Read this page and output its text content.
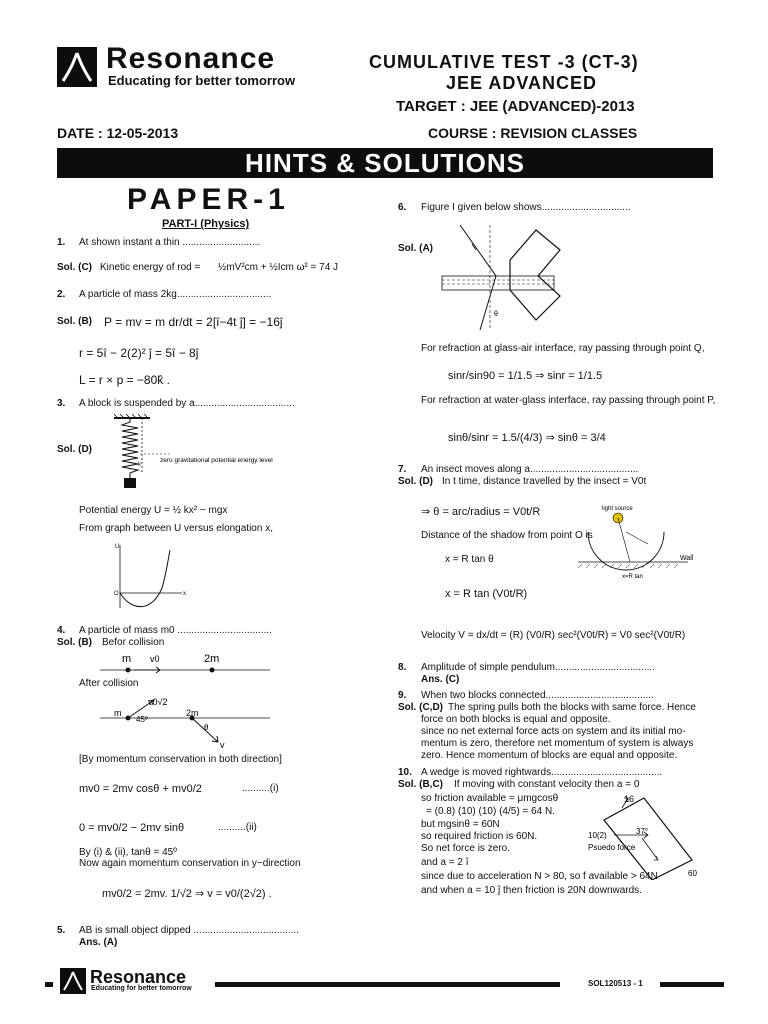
Resonance
Educating for better tomorrow
CUMULATIVE TEST -3 (CT-3)
JEE ADVANCED
TARGET : JEE (ADVANCED)-2013
DATE : 12-05-2013	COURSE : REVISION CLASSES
HINTS & SOLUTIONS
PAPER-1
PART-I (Physics)
1. At shown instant a thin ............................
Sol. (C) Kinetic energy of rod = ½mV²cm + ½Icm ω² = 74 J
2. A particle of mass 2kg..................................
Sol. (B) P = mv = m dr/dt = 2[î−4t ĵ] = −16ĵ
r = 5î − 2(2)² ĵ = 5î − 8ĵ
L = r × p = −80k̂ .
3. A block is suspended by a....................................
Sol. (D)
k
zero gravitational potential energy level
Potential energy U = ½ kx² − mgx
From graph between U versus elongation x,
U
O	x
4. A particle of mass m0 ..................................
Sol. (B) Befor collision
m v0	2m
After collision
v0√2
m
45º
2m
θ
v
[By momentum conservation in both direction]
mv0 = 2mv cosθ + mv0/2	..........(i)
0 = mv0/2 − 2mv sinθ	..........(ii)
By (i) & (ii), tanθ = 45º
Now again momentum conservation in y−direction
mv0/2 = 2mv. 1/√2 ⇒ v = v0/(2√2) .
5. AB is small object dipped ......................................
Ans. (A)
6. Figure I given below shows................................
Sol. (A)
θ
For refraction at glass-air interface, ray passing through point Q,
sinr/sin90 = 1/1.5 ⇒ sinr = 1/1.5
For refraction at water-glass interface, ray passing through point P,
sinθ/sinr = 1.5/(4/3) ⇒ sinθ = 3/4
7. An insect moves along a.......................................
Sol. (D) In t time, distance travelled by the insect = V0t
⇒ θ = arc/radius = V0t/R
Distance of the shadow from point O is
x = R tan θ
x = R tan (V0t/R)
light source
Wall
x=R tan
Velocity V = dx/dt = (R) (V0/R) sec²(V0t/R) = V0 sec²(V0t/R)
8. Amplitude of simple pendulum....................................
Ans. (C)
9. When two blocks connected.......................................
Sol. (C,D) The spring pulls both the blocks with same force. Hence
force on both blocks is equal and opposite.
since no net external force acts on system and its initial mo-
mentum is zero, therefore net momentum of system is always
zero. Hence momentum of blocks are equal and opposite.
10. A wedge is moved rightwards........................................
Sol. (B,C) If moving with constant velocity then a = 0
so friction available = μmgcosθ
= (0.8) (10) (10) (4/5) = 64 N.
but mgsinθ = 60N
so required friction is 60N.
So net force is zero.
and a = 2 î
since due to acceleration N > 80, so f available > 64N
and when a = 10 ĵ then friction is 20N downwards.
16
37°
10(2)
Psuedo force
60
Resonance
Educating for better tomorrow
SOL120513 - 1
